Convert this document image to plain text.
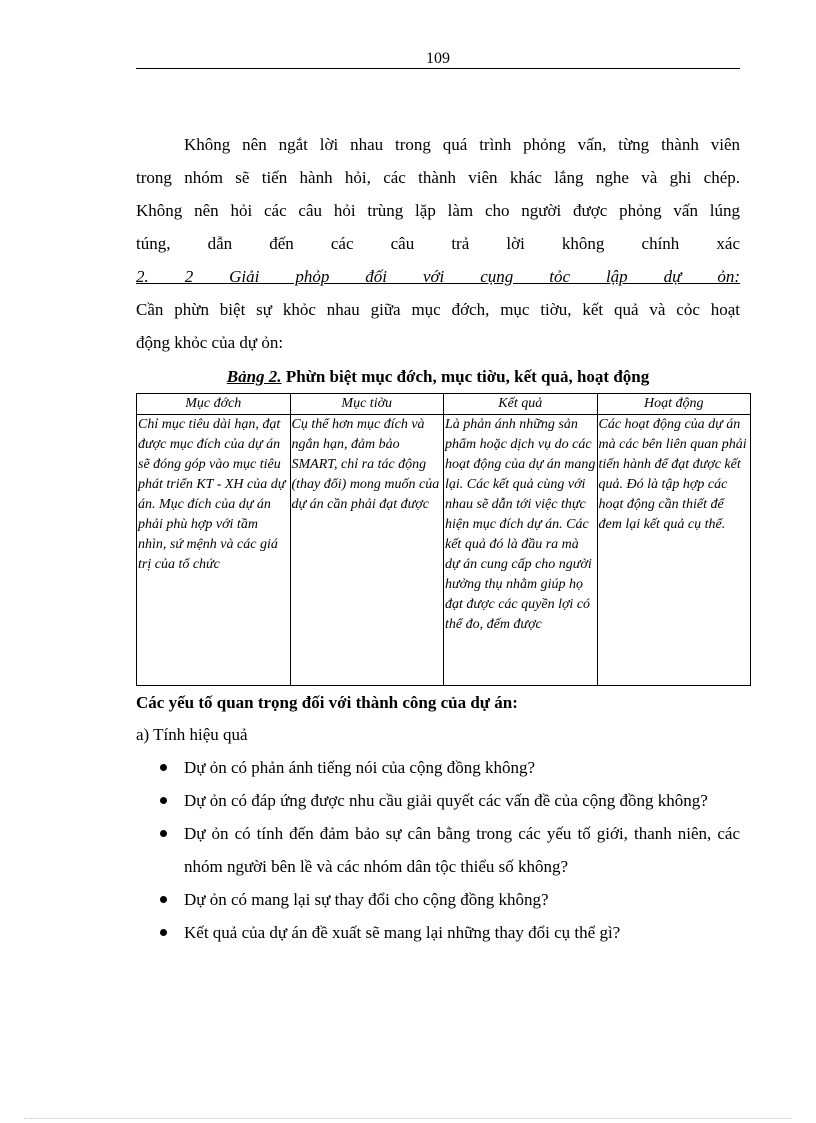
109

Không nên ngắt lời nhau trong quá trình phỏng vấn, từng thành viên
trong nhóm sẽ tiến hành hỏi, các thành viên khác lắng nghe và ghi chép.
Không nên hỏi các câu hỏi trùng lặp làm cho người được phỏng vấn lúng
túng, dẫn đến các câu trả lời không chính xác
2. 2 Giải phỏp đối với cụng tỏc lập dự ỏn:
Cần phừn biệt sự khỏc nhau giữa mục đớch, mục tiờu, kết quả và cỏc hoạt
động khỏc của dự ỏn:

Bảng 2. Phừn biệt mục đớch, mục tiờu, kết quả, hoạt động
Mục đớch	Mục tiờu	Kết quả	Hoạt động
Chỉ mục tiêu dài hạn, đạt được mục đích của dự án sẽ đóng góp vào mục tiêu phát triển KT - XH của dự án. Mục đích của dự án phải phù hợp với tầm nhìn, sứ mệnh và các giá trị của tổ chức	Cụ thể hơn mục đích và ngắn hạn, đảm bảo SMART, chỉ ra tác động (thay đổi) mong muốn của dự án cần phải đạt được	Là phản ánh những sản phẩm hoặc dịch vụ do các hoạt động của dự án mang lại. Các kết quả cùng với nhau sẽ dẫn tới việc thực hiện mục đích dự án. Các kết quả đó là đầu ra mà dự án cung cấp cho người hưởng thụ nhằm giúp họ đạt được các quyền lợi có thể đo, đếm được	Các hoạt động của dự án mà các bên liên quan phải tiến hành để đạt được kết quả. Đó là tập hợp các hoạt động cần thiết để đem lại kết quả cụ thể.

Các yếu tố quan trọng đối với thành công của dự án:

a) Tính hiệu quả

Dự ỏn có phản ánh tiếng nói của cộng đồng không?
Dự ỏn có đáp ứng được nhu cầu giải quyết các vấn đề của cộng đồng không?
Dự ỏn có tính đến đảm bảo sự cân bằng trong các yếu tố giới, thanh niên, các nhóm người bên lề và các nhóm dân tộc thiểu số không?
Dự ỏn có mang lại sự thay đổi cho cộng đồng không?
Kết quả của dự án đề xuất sẽ mang lại những thay đổi cụ thể gì?
